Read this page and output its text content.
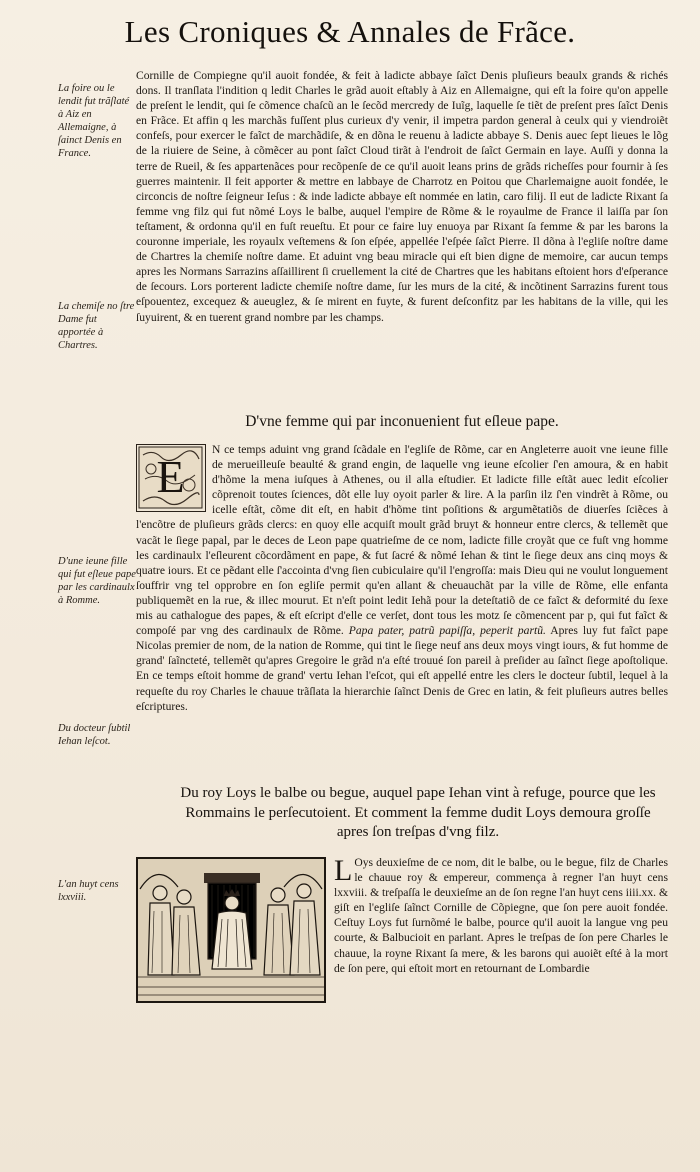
Les Croniques & Annales de Frãce.
La foire ou le lendit fut trãſlaté à Aiz en Allemaigne, à ſainct Denis en France.
La chemiſe no ſtre Dame fut apportée à Chartres.
D'une ieune fille qui fut eſleue pape par les cardinaulx à Romme.
Du docteur ſubtil Iehan leſcot.
L'an huyt cens lxxviii.

Cornille de Compiegne qu'il auoit fondée, & feit à ladicte abbaye ſaĩct Denis pluſieurs beaulx grands & richés dons. Il tranſlata l'indition q ledit Charles le grãd auoit eſtably à Aiz en Allemaigne, qui eſt la foire qu'on appelle de preſent le lendit, qui ſe cõmence chaſcũ an le ſecõd mercredy de Iuĩg, laquelle ſe tiẽt de preſent pres ſaĩct Denis en Frãce. Et affin q les marchãs fuſſent plus curieux d'y venir, il impetra pardon general à ceulx qui y viendroiẽt confeſs, pour exercer le faĩct de marchãdiſe, & en dõna le reuenu à ladicte abbaye S. Denis auec ſept lieues le lõg de la riuiere de Seine, à cõmẽcer au pont ſaĩct Cloud tirãt à l'endroit de ſaĩct Germain en laye. Auſſi y donna la terre de Rueil, & ſes appartenãces pour recõpenſe de ce qu'il auoit leans prins de grãds richeſſes pour fournir à ſes guerres maintenir. Il feit apporter & mettre en labbaye de Charrotz en Poitou que Charlemaigne auoit fondée, le circoncis de noſtre ſeigneur Ieſus : & inde ladicte abbaye eſt nommée en latin, caro filij. Il eut de ladicte Rixant ſa femme vng filz qui fut nõmé Loys le balbe, auquel l'empire de Rõme & le royaulme de France il laiſſa par ſon teſtament, & ordonna qu'il en fuſt reueſtu. Et pour ce faire luy enuoya par Rixant ſa femme & par les barons la couronne imperiale, les royaulx veſtemens & ſon eſpée, appellée l'eſpée ſaĩct Pierre. Il dõna à l'egliſe noſtre dame de Chartres la chemiſe noſtre dame. Et aduint vng beau miracle qui eſt bien digne de memoire, car aucun temps apres les Normans Sarrazins aſſaillirent ſi cruellement la cité de Chartres que les habitans eſtoient hors d'eſperance de ſecours. Lors porterent ladicte chemiſe noſtre dame, ſur les murs de la cité, & incõtinent Sarrazins furent tous eſpouentez, excequez & aueuglez, & ſe mirent en fuyte, & furent deſconfitz par les habitans de la ville, qui les ſuyuirent, & en tuerent grand nombre par les champs.

D'vne femme qui par inconuenient fut eſleue pape.
E

N ce temps aduint vng grand ſcãdale en l'egliſe de Rõme, car en Angleterre auoit vne ieune fille de merueilleuſe beaulté & grand engin, de laquelle vng ieune eſcolier ſ'en amoura, & en habit d'hõme la mena iuſques à Athenes, ou il alla eſtudier. Et ladicte fille eſtãt auec ledit eſcolier cõprenoit toutes ſciences, dõt elle luy oyoit parler & lire. A la parſin ilz ſ'en vindrẽt à Rõme, ou icelle eſtãt, cõme dit eſt, en habit d'hõme tint poſitions & argumẽtatiõs de diuerſes ſciẽces à l'encõtre de pluſieurs grãds clercs: en quoy elle acquiſt moult grãd bruyt & honneur entre clercs, & tellemẽt que vacãt le ſiege papal, par le deces de Leon pape quatrieſme de ce nom, ladicte fille croyãt que ce fuſt vng homme les cardinaulx l'eſleurent cõcordãment en pape, & fut ſacré & nõmé Iehan & tint le ſiege deux ans cinq moys & quatre iours. Et ce pẽdant elle ſ'accointa d'vng ſien cubiculaire qu'il l'engroſſa: mais Dieu qui ne voulut longuement ſouffrir vng tel opprobre en ſon egliſe permit qu'en allant & cheuauchãt par la ville de Rõme, elle enfanta publiquemẽt en la rue, & illec mourut. Et n'eſt point ledit Iehã pour la deteſtatiõ de ce faĩct & deformité du ſexe mis au cathalogue des papes, & eſt eſcript d'elle ce verſet, dont tous les motz ſe cõmencent par p, qui fut faĩct & compoſé par vng des cardinaulx de Rõme. Papa pater, patrũ papiſſa, peperit partũ. Apres luy fut faĩct pape Nicolas premier de nom, de la nation de Romme, qui tint le ſiege neuf ans deux moys vingt iours, & fut homme de grand' ſaĩncteté, tellemẽt qu'apres Gregoire le grãd n'a eſté trouué ſon pareil à preſider au ſaĩnct ſiege apoſtolique. En ce temps eſtoit homme de grand' vertu Iehan l'eſcot, qui eſt appellé entre les clers le docteur ſubtil, lequel à la requeſte du roy Charles le chauue trãſlata la hierarchie ſaĩnct Denis de Grec en latin, & feit pluſieurs autres belles eſcriptures.

Du roy Loys le balbe ou begue, auquel pape Iehan vint à refuge, pource que les Rommains le perſecutoient. Et comment la femme dudit Loys demoura groſſe apres ſon treſpas d'vng filz.
L Oys deuxieſme de ce nom, dit le balbe, ou le begue, filz de Charles le chauue roy & empereur, commença à regner l'an huyt cens lxxviii. & treſpaſſa le deuxieſme an de ſon regne l'an huyt cens iiii.xx. & giſt en l'egliſe ſaĩnct Cornille de Cõpiegne, que ſon pere auoit fondée. Ceſtuy Loys fut ſurnõmé le balbe, pource qu'il auoit la langue vng peu courte, & Balbucioit en parlant. Apres le treſpas de ſon pere Charles le chauue, la royne Rixant ſa mere, & les barons qui auoiẽt eſté à la mort de ſon pere, qui eſtoit mort en retournant de Lombardie
